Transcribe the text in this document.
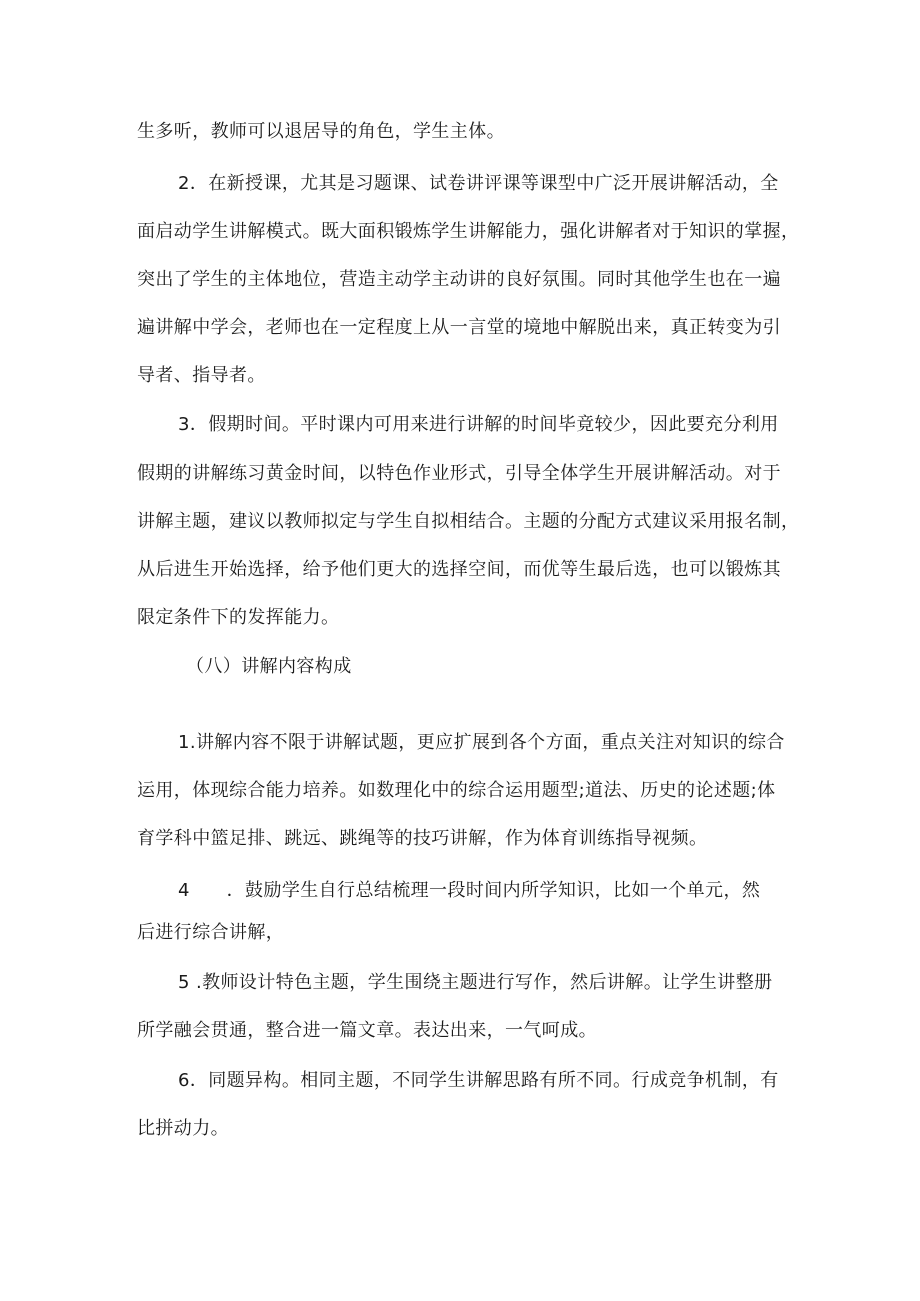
生多听，教师可以退居导的角色，学生主体。
2．在新授课，尤其是习题课、试卷讲评课等课型中广泛开展讲解活动，全
面启动学生讲解模式。既大面积锻炼学生讲解能力，强化讲解者对于知识的掌握，
突出了学生的主体地位，营造主动学主动讲的良好氛围。同时其他学生也在一遍
遍讲解中学会，老师也在一定程度上从一言堂的境地中解脱出来，真正转变为引
导者、指导者。
3．假期时间。平时课内可用来进行讲解的时间毕竟较少，因此要充分利用
假期的讲解练习黄金时间，以特色作业形式，引导全体学生开展讲解活动。对于
讲解主题，建议以教师拟定与学生自拟相结合。主题的分配方式建议采用报名制，
从后进生开始选择，给予他们更大的选择空间，而优等生最后选，也可以锻炼其
限定条件下的发挥能力。
（八）讲解内容构成
1.讲解内容不限于讲解试题，更应扩展到各个方面，重点关注对知识的综合
运用，体现综合能力培养。如数理化中的综合运用题型;道法、历史的论述题;体
育学科中篮足排、跳远、跳绳等的技巧讲解，作为体育训练指导视频。
4　　．鼓励学生自行总结梳理一段时间内所学知识，比如一个单元，然
后进行综合讲解，
5 .教师设计特色主题，学生围绕主题进行写作，然后讲解。让学生讲整册
所学融会贯通，整合进一篇文章。表达出来，一气呵成。
6．同题异构。相同主题，不同学生讲解思路有所不同。行成竞争机制，有
比拼动力。
